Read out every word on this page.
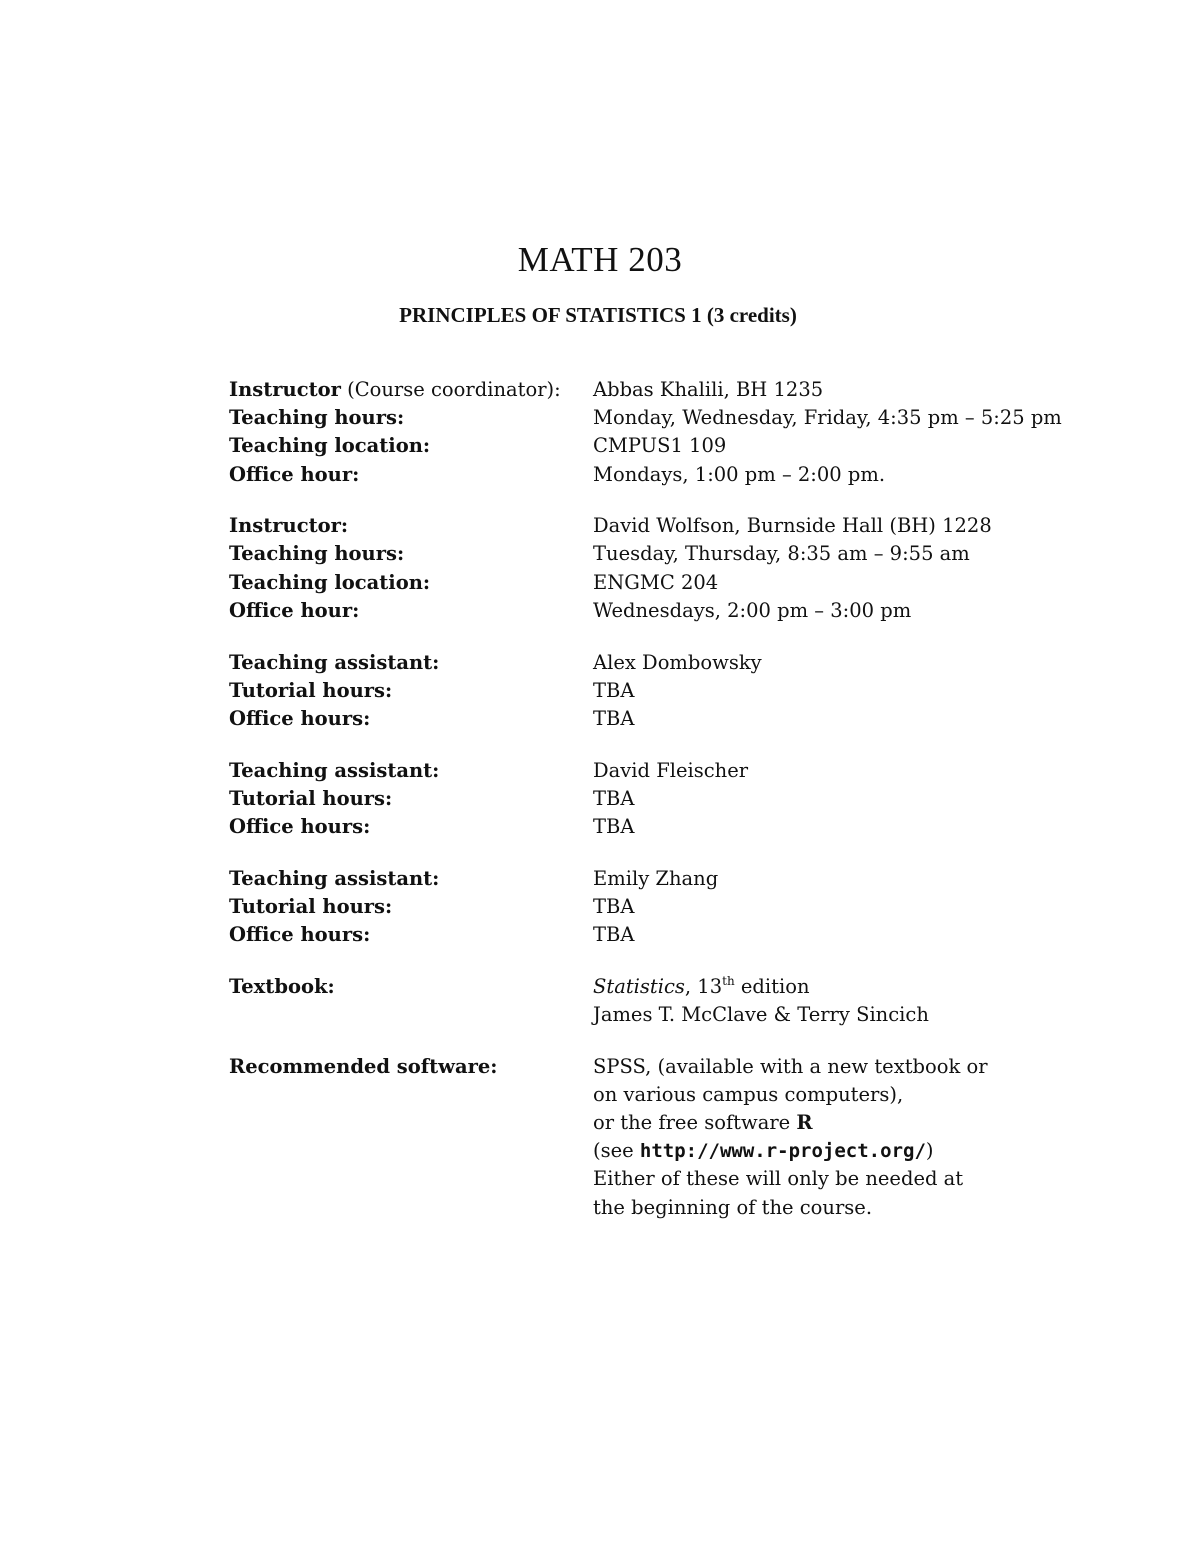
MATH 203
PRINCIPLES OF STATISTICS 1 (3 credits)
Instructor (Course coordinator):	Abbas Khalili, BH 1235
Teaching hours:	Monday, Wednesday, Friday, 4:35 pm – 5:25 pm
Teaching location:	CMPUS1 109
Office hour:	Mondays, 1:00 pm – 2:00 pm.
Instructor:	David Wolfson, Burnside Hall (BH) 1228
Teaching hours:	Tuesday, Thursday, 8:35 am – 9:55 am
Teaching location:	ENGMC 204
Office hour:	Wednesdays, 2:00 pm – 3:00 pm
Teaching assistant:	Alex Dombowsky
Tutorial hours:	TBA
Office hours:	TBA
Teaching assistant:	David Fleischer
Tutorial hours:	TBA
Office hours:	TBA
Teaching assistant:	Emily Zhang
Tutorial hours:	TBA
Office hours:	TBA
Textbook:	Statistics, 13th edition
James T. McClave & Terry Sincich
Recommended software:	SPSS, (available with a new textbook or
on various campus computers),
or the free software R
(see http://www.r-project.org/)
Either of these will only be needed at
the beginning of the course.
